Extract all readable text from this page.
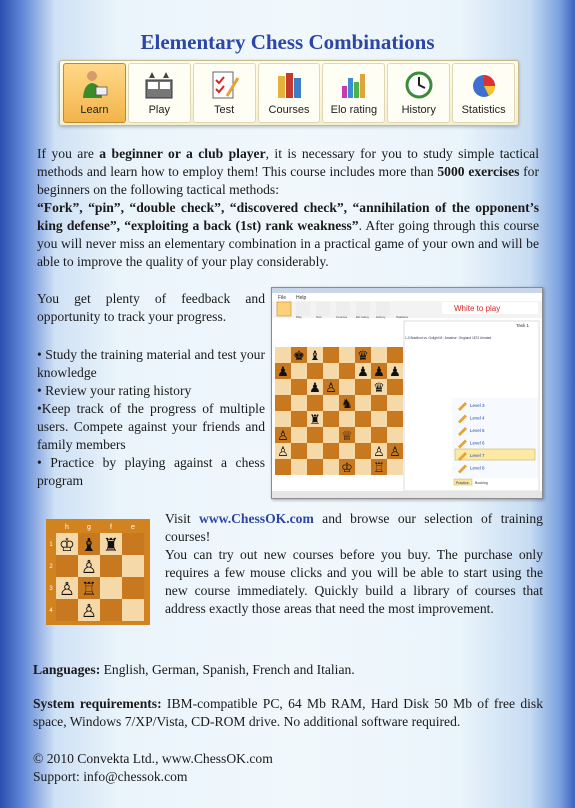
Elementary Chess Combinations
Learn	Play	Test	Courses Elo rating History Statistics
If you are a beginner or a club player, it is necessary for you to study simple tactical methods and learn how to employ them! This course includes more than 5000 exercises for beginners on the following tactical methods:
“Fork”, “pin”, “double check”, “discovered check”, “annihilation of the opponent’s king defense”, “exploiting a back (1st) rank weakness”. After going through this course you will never miss an elementary combination in a practical game of your own and will be able to improve the quality of your play considerably.
You get plenty of feedback and opportunity to track your progress.
• Study the training material and test your knowledge
• Review your rating history
•Keep track of the progress of multiple users. Compete against your friends and family members
• Practice by playing against a chess program
File Help
Play	Test	Courses	Elo rating History	Statistics
White to play
♚ ♝	♛
♟	♟ ♟ ♟
♟ ♙	♛
♞
♜
♙	♕
♙	♙ ♙
♔ ♖
Task 1
1-0 Bradford vs. Golight M ; Amateur ; England 1873 Unrated
Level 3
Level 4
Level 5
Level 6
Level 7
Level 8
Practice Booking
h	g	f	e
1
2
3
4
♔ ♝ ♜
♙
♙ ♖
♙
Visit www.ChessOK.com and browse our selection of training courses!
You can try out new courses before you buy. The purchase only requires a few mouse clicks and you will be able to start using the new course immediately. Quickly build a library of courses that address exactly those areas that need the most improvement.
Languages: English, German, Spanish, French and Italian.
System requirements: IBM-compatible PC, 64 Mb RAM, Hard Disk 50 Mb of free disk space, Windows 7/XP/Vista, CD-ROM drive. No additional software required.
© 2010 Convekta Ltd., www.ChessOK.com
Support: info@chessok.com
